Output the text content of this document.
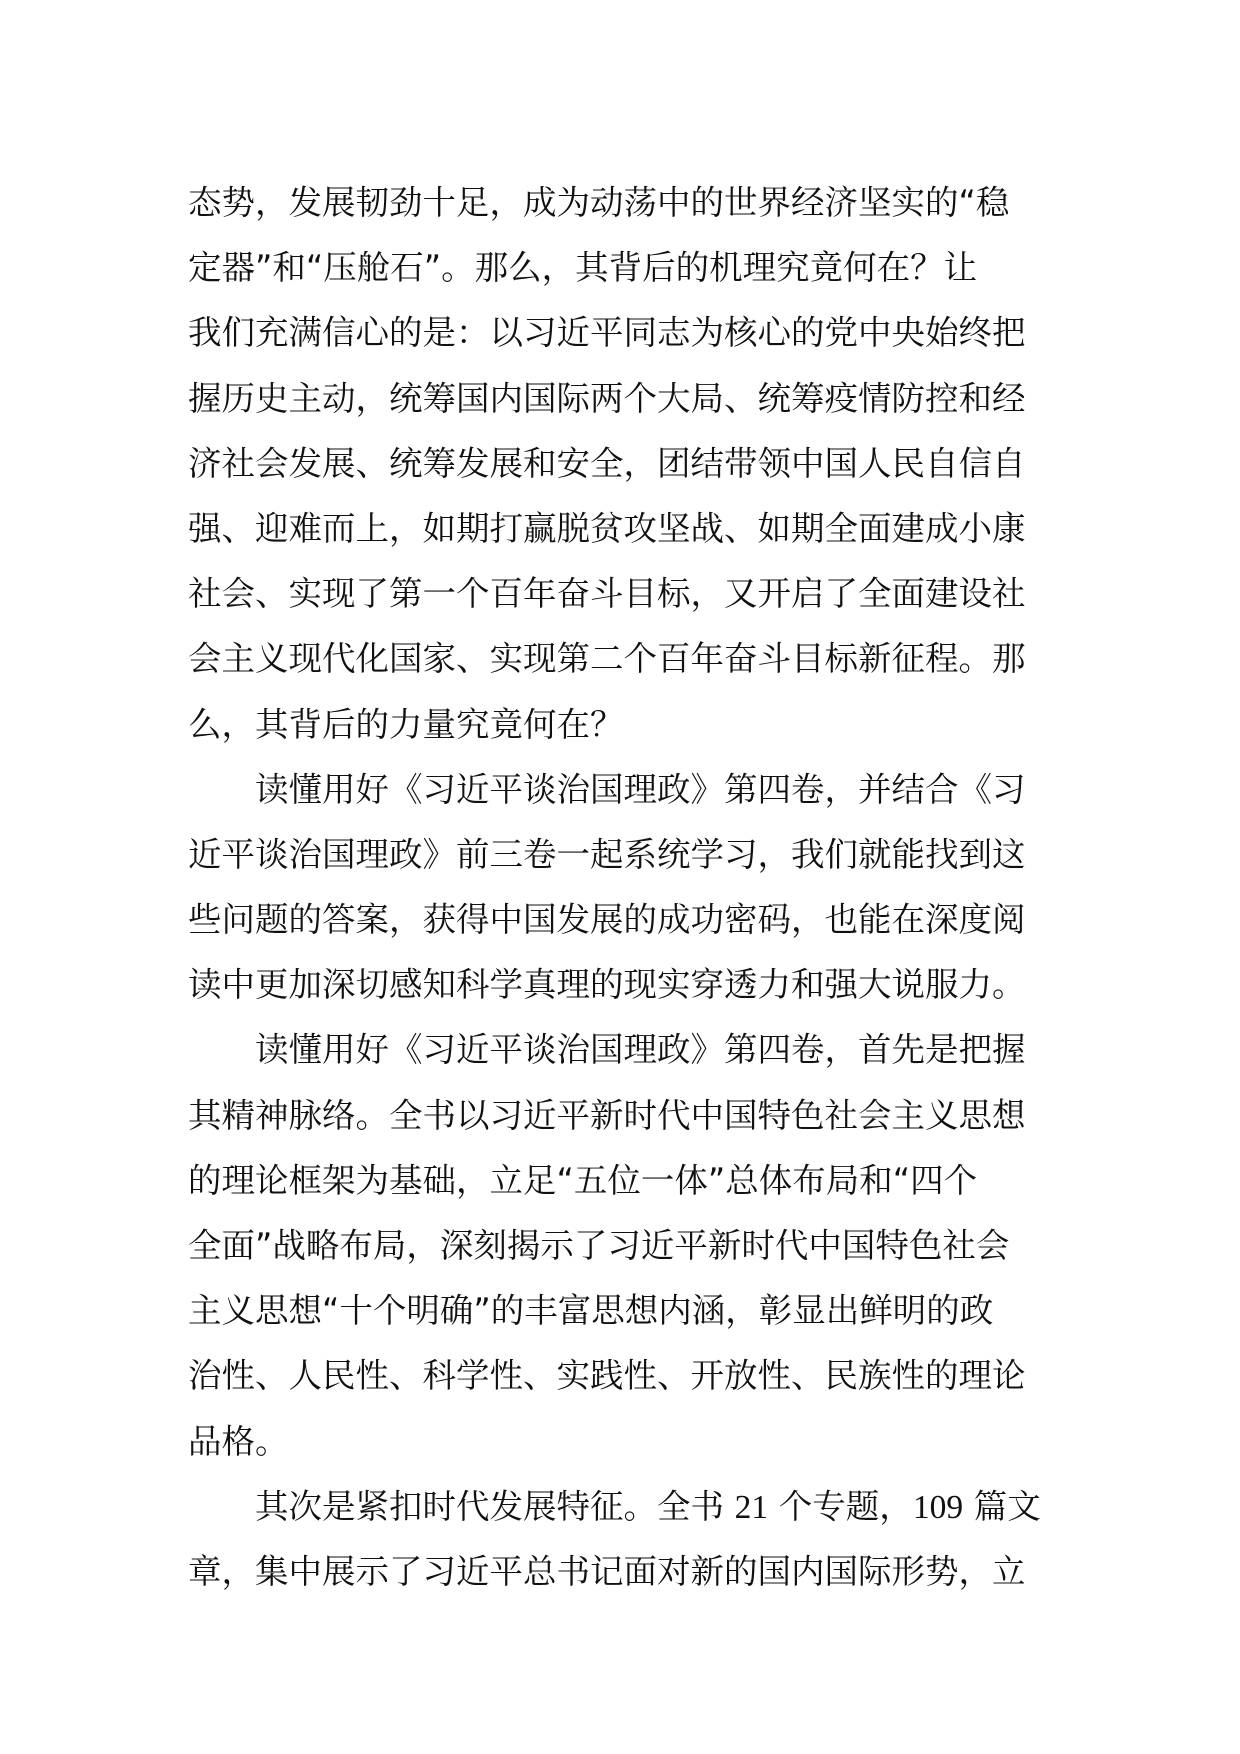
态势，发展韧劲十足，成为动荡中的世界经济坚实的“稳
定器”和“压舱石”。那么，其背后的机理究竟何在？让
我们充满信心的是：以习近平同志为核心的党中央始终把
握历史主动，统筹国内国际两个大局、统筹疫情防控和经
济社会发展、统筹发展和安全，团结带领中国人民自信自
强、迎难而上，如期打赢脱贫攻坚战、如期全面建成小康
社会、实现了第一个百年奋斗目标，又开启了全面建设社
会主义现代化国家、实现第二个百年奋斗目标新征程。那
么，其背后的力量究竟何在？
读懂用好《习近平谈治国理政》第四卷，并结合《习
近平谈治国理政》前三卷一起系统学习，我们就能找到这
些问题的答案，获得中国发展的成功密码，也能在深度阅
读中更加深切感知科学真理的现实穿透力和强大说服力。
读懂用好《习近平谈治国理政》第四卷，首先是把握
其精神脉络。全书以习近平新时代中国特色社会主义思想
的理论框架为基础，立足“五位一体”总体布局和“四个
全面”战略布局，深刻揭示了习近平新时代中国特色社会
主义思想“十个明确”的丰富思想内涵，彰显出鲜明的政
治性、人民性、科学性、实践性、开放性、民族性的理论
品格。
其次是紧扣时代发展特征。全书 21 个专题，109 篇文
章，集中展示了习近平总书记面对新的国内国际形势，立
